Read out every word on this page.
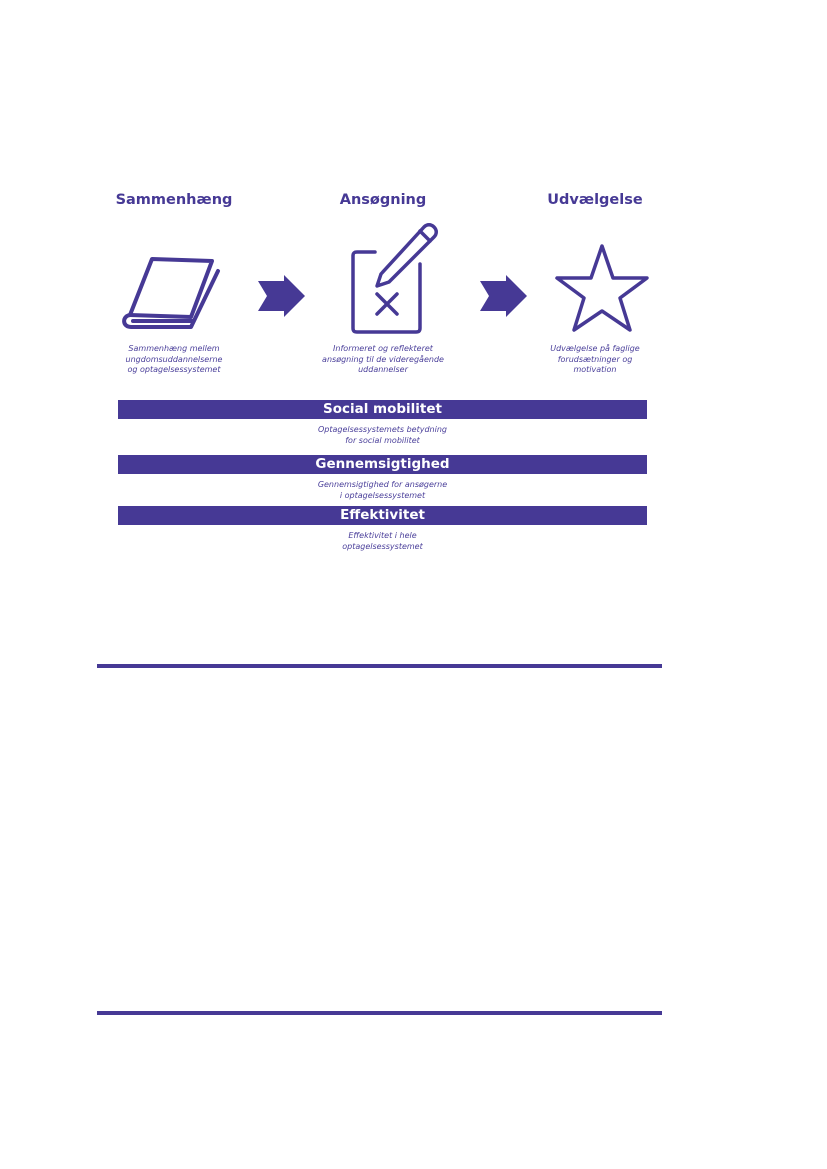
Sammenhæng	Ansøgning	Udvælgelse
Sammenhæng mellem
ungdomsuddannelserne
og optagelsessystemet
Informeret og reflekteret
ansøgning til de videregående
uddannelser
Udvælgelse på faglige
forudsætninger og
motivation
Social mobilitet
Optagelsessystemets betydning
for social mobilitet
Gennemsigtighed
Gennemsigtighed for ansøgerne
i optagelsessystemet
Effektivitet
Effektivitet i hele
optagelsessystemet
